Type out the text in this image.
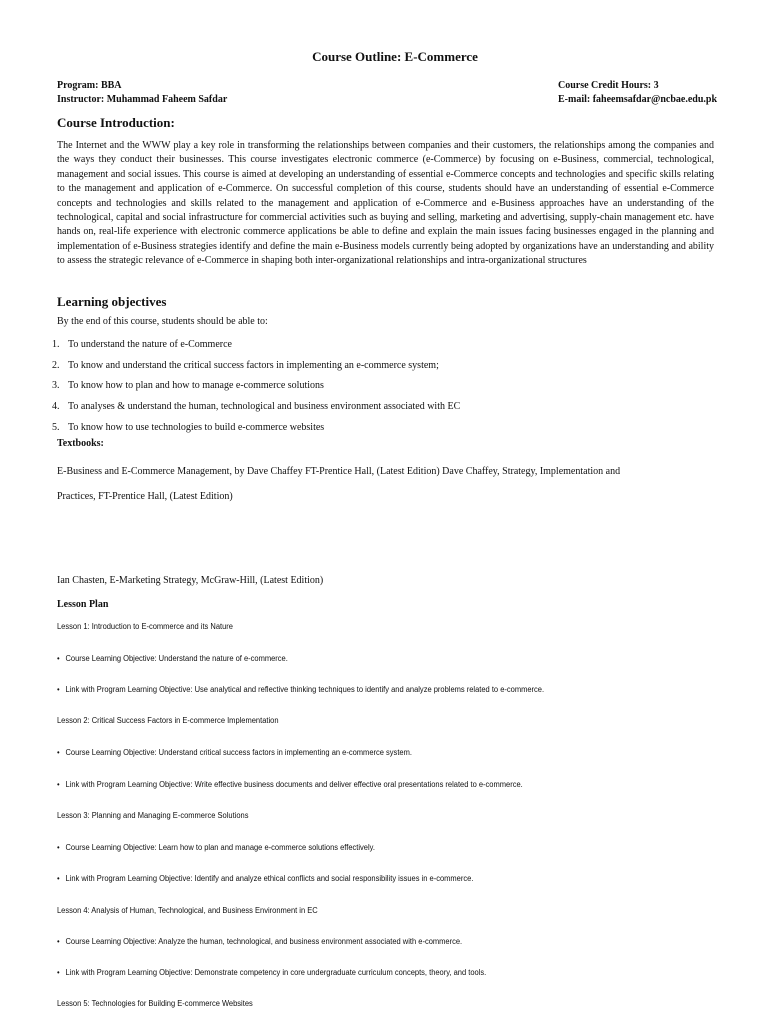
Course Outline: E-Commerce
Program: BBA
Instructor: Muhammad Faheem Safdar
Course Credit Hours: 3
E-mail: faheemsafdar@ncbae.edu.pk
Course Introduction:

The Internet and the WWW play a key role in transforming the relationships between companies and their customers, the relationships among the companies and the ways they conduct their businesses. This course investigates electronic commerce (e-Commerce) by focusing on e-Business, commercial, technological, management and social issues. This course is aimed at developing an understanding of essential e-Commerce concepts and technologies and specific skills relating to the management and application of e-Commerce. On successful completion of this course, students should have an understanding of essential e-Commerce concepts and technologies and skills related to the management and application of e-Commerce and e-Business approaches have an understanding of the technological, capital and social infrastructure for commercial activities such as buying and selling, marketing and advertising, supply-chain management etc. have hands on, real-life experience with electronic commerce applications be able to define and explain the main issues facing businesses engaged in the planning and implementation of e-Business strategies identify and define the main e-Business models currently being adopted by organizations have an understanding and ability to assess the strategic relevance of e-Commerce in shaping both inter-organizational relationships and intra-organizational structures

Learning objectives
By the end of this course, students should be able to:
1. To understand the nature of e-Commerce
2. To know and understand the critical success factors in implementing an e-commerce system;
3. To know how to plan and how to manage e-commerce solutions
4. To analyses & understand the human, technological and business environment associated with EC
5. To know how to use technologies to build e-commerce websites
Textbooks:
E-Business and E-Commerce Management, by Dave Chaffey FT-Prentice Hall, (Latest Edition) Dave Chaffey, Strategy, Implementation and
Practices, FT-Prentice Hall, (Latest Edition)
Ian Chasten, E-Marketing Strategy, McGraw-Hill, (Latest Edition)
Lesson Plan
Lesson 1: Introduction to E-commerce and its Nature
• Course Learning Objective: Understand the nature of e-commerce.
• Link with Program Learning Objective: Use analytical and reflective thinking techniques to identify and analyze problems related to e-commerce.
Lesson 2: Critical Success Factors in E-commerce Implementation
• Course Learning Objective: Understand critical success factors in implementing an e-commerce system.
• Link with Program Learning Objective: Write effective business documents and deliver effective oral presentations related to e-commerce.
Lesson 3: Planning and Managing E-commerce Solutions
• Course Learning Objective: Learn how to plan and manage e-commerce solutions effectively.
• Link with Program Learning Objective: Identify and analyze ethical conflicts and social responsibility issues in e-commerce.
Lesson 4: Analysis of Human, Technological, and Business Environment in EC
• Course Learning Objective: Analyze the human, technological, and business environment associated with e-commerce.
• Link with Program Learning Objective: Demonstrate competency in core undergraduate curriculum concepts, theory, and tools.
Lesson 5: Technologies for Building E-commerce Websites
